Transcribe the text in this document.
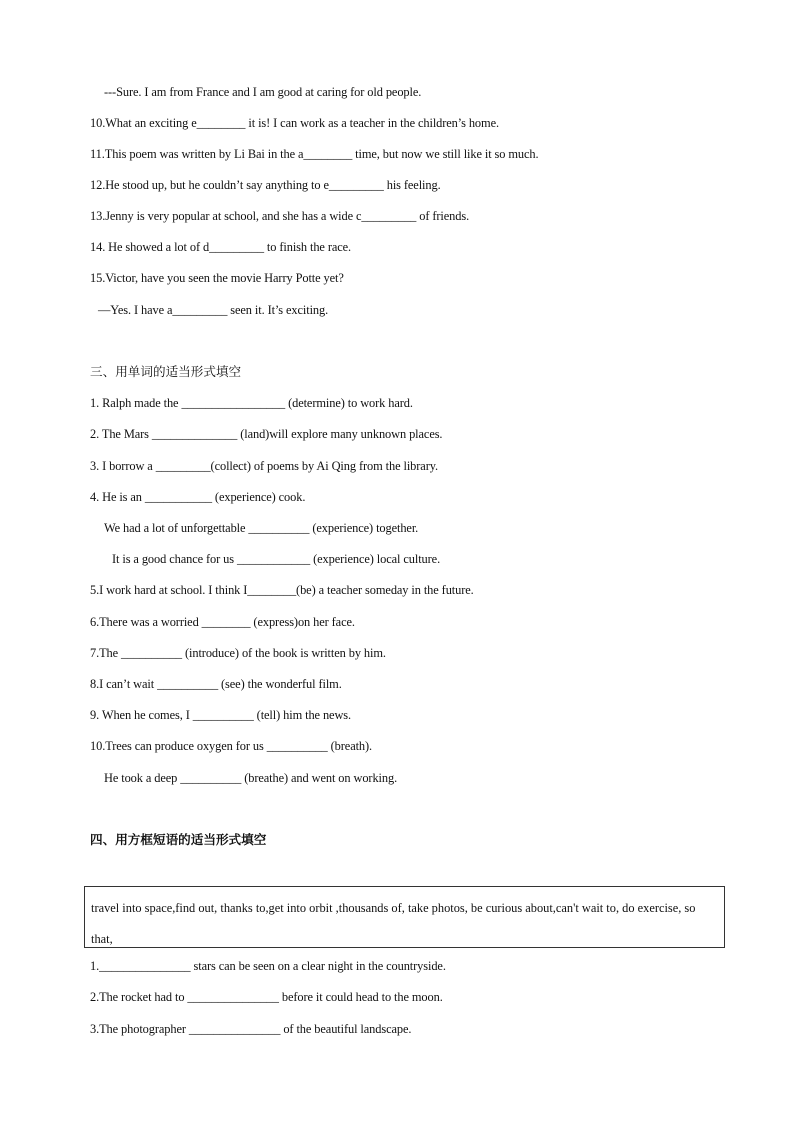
---Sure. I am from France and I am good at caring for old people.
10.What an exciting e________ it is! I can work as a teacher in the children’s home.
11.This poem was written by Li Bai in the a________ time, but now we still like it so much.
12.He stood up, but he couldn’t say anything to e_________ his feeling.
13.Jenny is very popular at school, and she has a wide c_________ of friends.
14. He showed a lot of d_________ to finish the race.
15.Victor, have you seen the movie Harry Potte yet?
—Yes. I have a_________ seen it. It’s exciting.
三、用单词的适当形式填空
1. Ralph made the _________________ (determine) to work hard.
2. The Mars ______________ (land)will explore many unknown places.
3. I borrow a _________(collect) of poems by Ai Qing from the library.
4. He is an ___________ (experience) cook.
We had a lot of unforgettable __________ (experience) together.
It is a good chance for us ____________ (experience) local culture.
5.I work hard at school. I think I________(be) a teacher someday in the future.
6.There was a worried ________ (express)on her face.
7.The __________ (introduce) of the book is written by him.
8.I can’t wait __________ (see) the wonderful film.
9. When he comes, I __________ (tell) him the news.
10.Trees can produce oxygen for us __________ (breath).
He took a deep __________ (breathe) and went on working.
四、用方框短语的适当形式填空
travel into space,find out, thanks to,get into orbit ,thousands of, take photos, be curious about,can't wait to, do exercise, so that,
1._______________ stars can be seen on a clear night in the countryside.
2.The rocket had to _______________ before it could head to the moon.
3.The photographer _______________ of the beautiful landscape.
